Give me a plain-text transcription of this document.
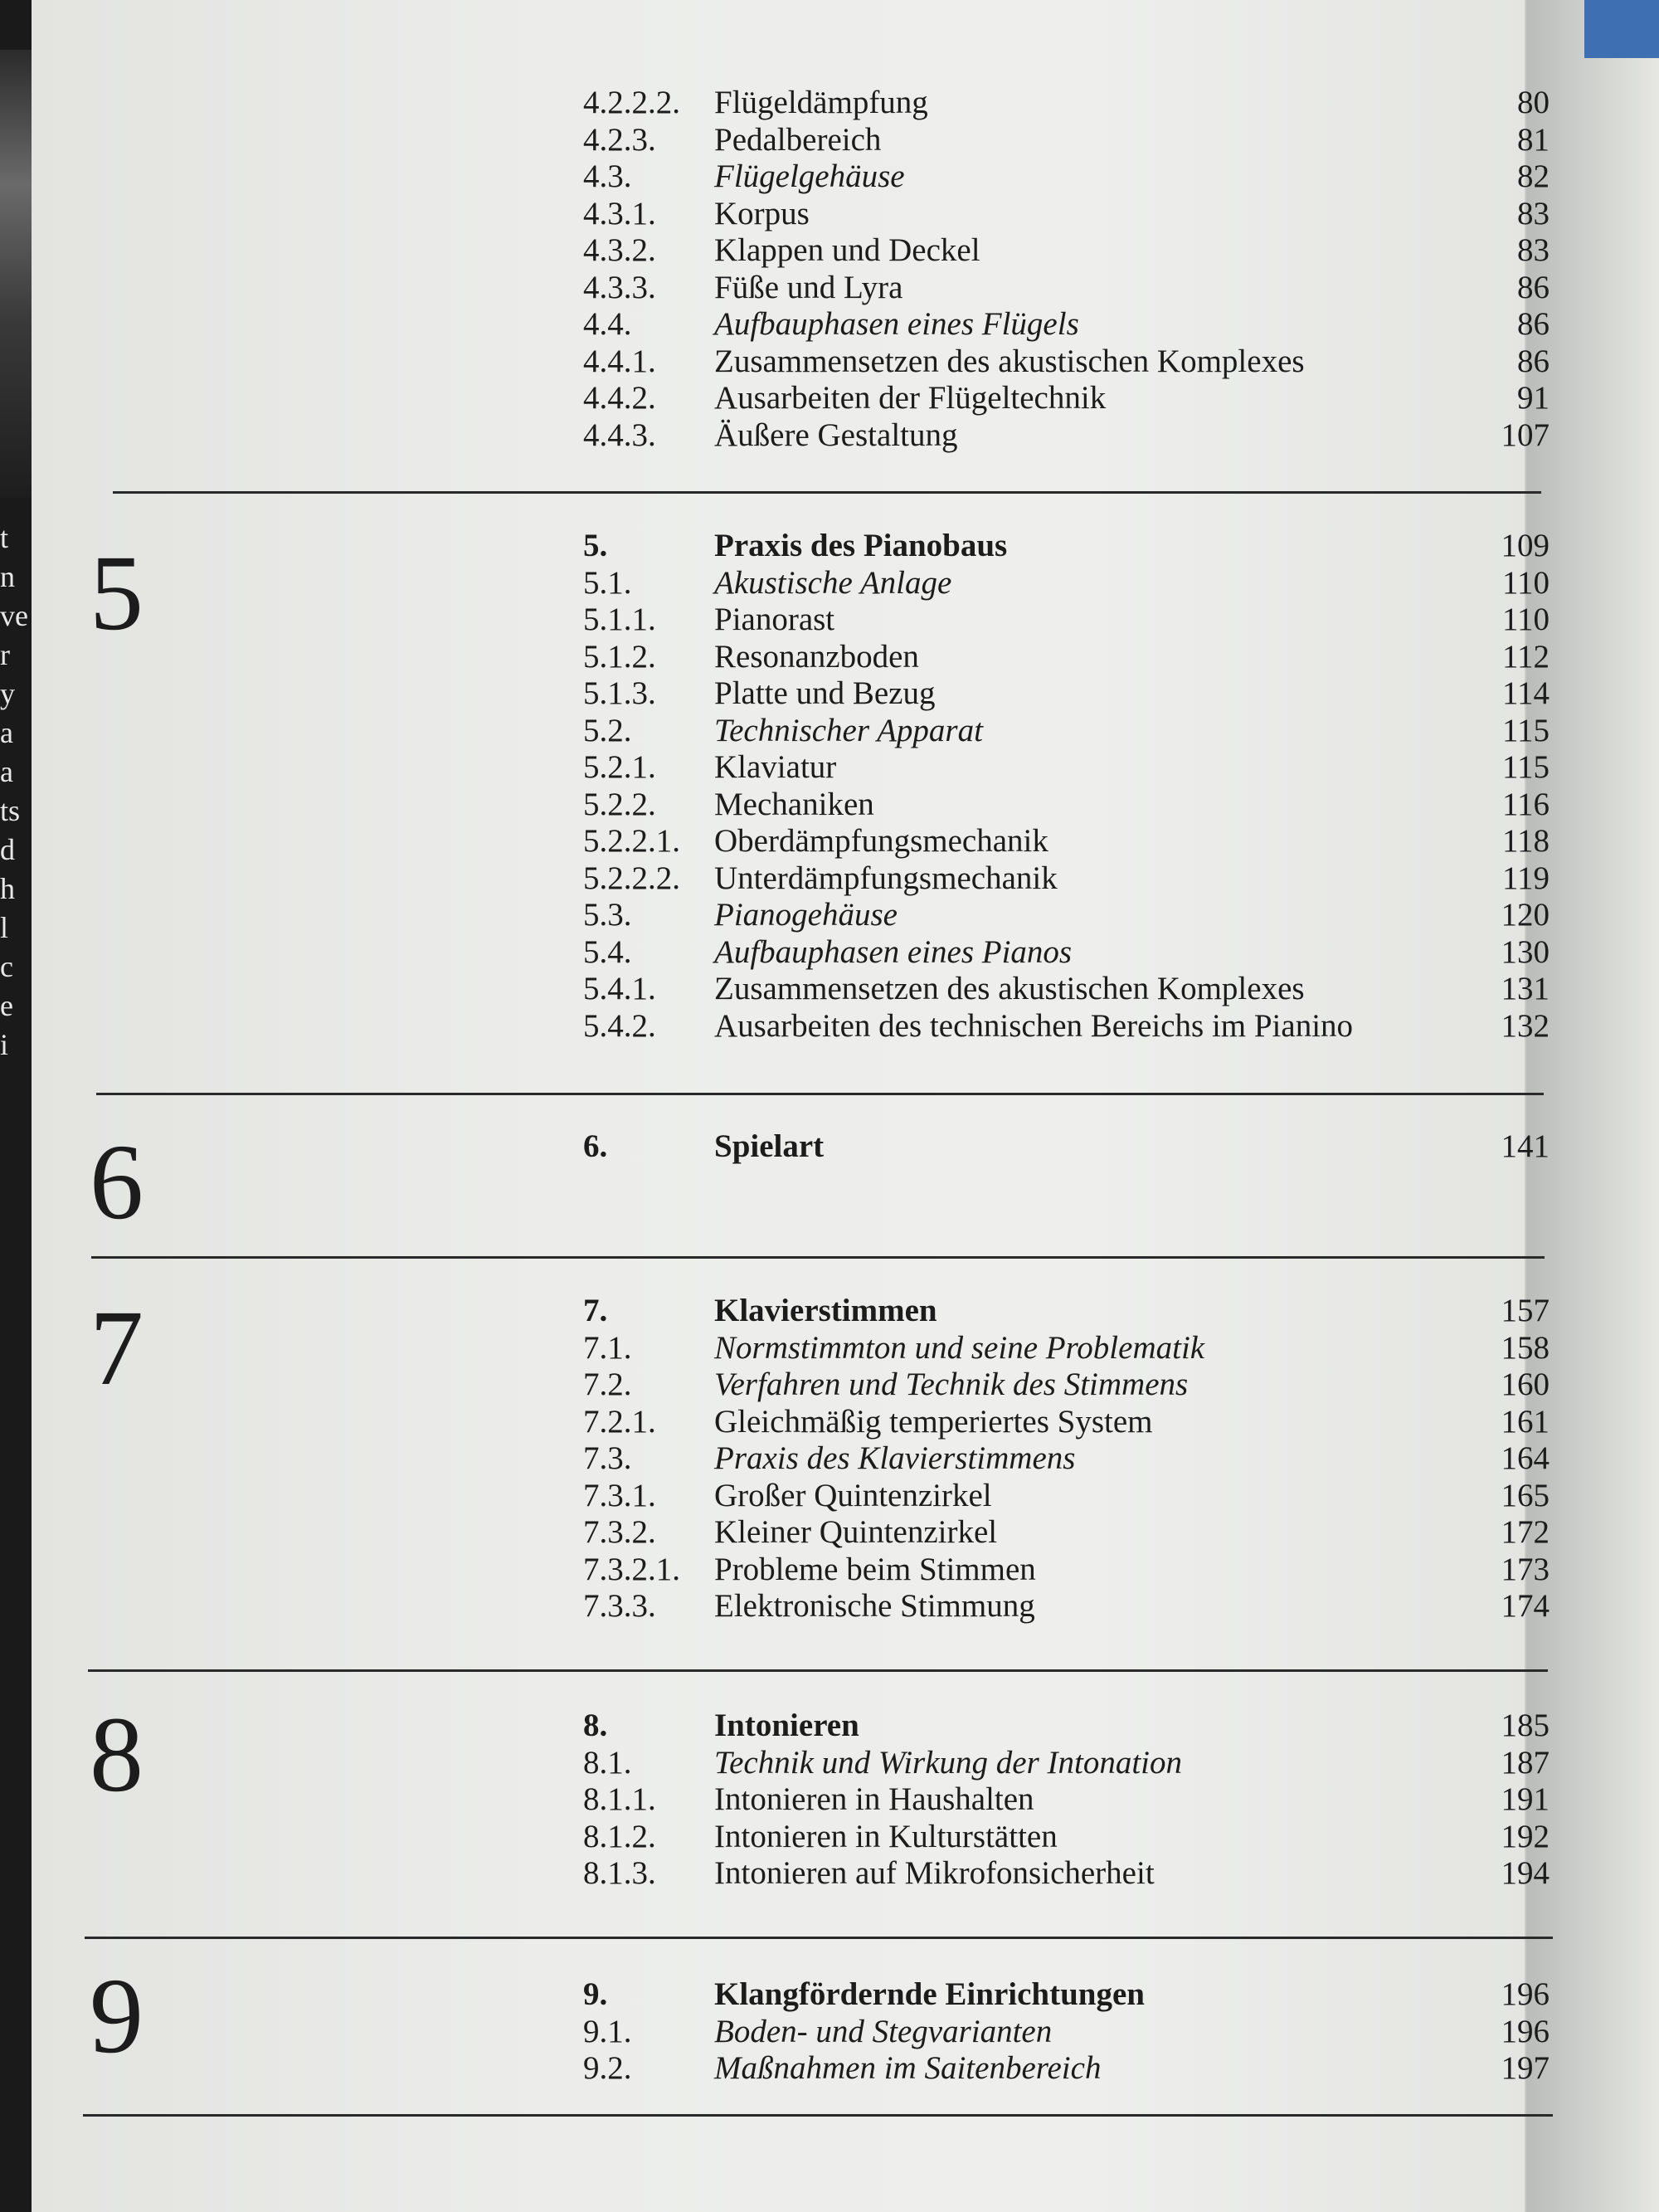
t
n
ve
r
y
a
a
ts
d
h
l
c
e
i
4.2.2.2. Flügeldämpfung	80
4.2.3. Pedalbereich	81
4.3.	Flügelgehäuse	82
4.3.1. Korpus	83
4.3.2. Klappen und Deckel	83
4.3.3. Füße und Lyra	86
4.4.	Aufbauphasen eines Flügels	86
4.4.1. Zusammensetzen des akustischen Komplexes	86
4.4.2. Ausarbeiten der Flügeltechnik	91
4.4.3. Äußere Gestaltung	107
5	5.	Praxis des Pianobaus	109
5.1.	Akustische Anlage	110
5.1.1. Pianorast	110
5.1.2. Resonanzboden	112
5.1.3. Platte und Bezug	114
5.2.	Technischer Apparat	115
5.2.1. Klaviatur	115
5.2.2. Mechaniken	116
5.2.2.1. Oberdämpfungsmechanik	118
5.2.2.2. Unterdämpfungsmechanik	119
5.3.	Pianogehäuse	120
5.4.	Aufbauphasen eines Pianos	130
5.4.1. Zusammensetzen des akustischen Komplexes	131
5.4.2. Ausarbeiten des technischen Bereichs im Pianino	132
6	6.	Spielart	141
7	7.	Klavierstimmen	157
7.1.	Normstimmton und seine Problematik	158
7.2.	Verfahren und Technik des Stimmens	160
7.2.1. Gleichmäßig temperiertes System	161
7.3.	Praxis des Klavierstimmens	164
7.3.1. Großer Quintenzirkel	165
7.3.2. Kleiner Quintenzirkel	172
7.3.2.1. Probleme beim Stimmen	173
7.3.3. Elektronische Stimmung	174
8	8.	Intonieren	185
8.1.	Technik und Wirkung der Intonation	187
8.1.1. Intonieren in Haushalten	191
8.1.2. Intonieren in Kulturstätten	192
8.1.3. Intonieren auf Mikrofonsicherheit	194
9	9.	Klangfördernde Einrichtungen	196
9.1.	Boden- und Stegvarianten	196
9.2.	Maßnahmen im Saitenbereich	197
